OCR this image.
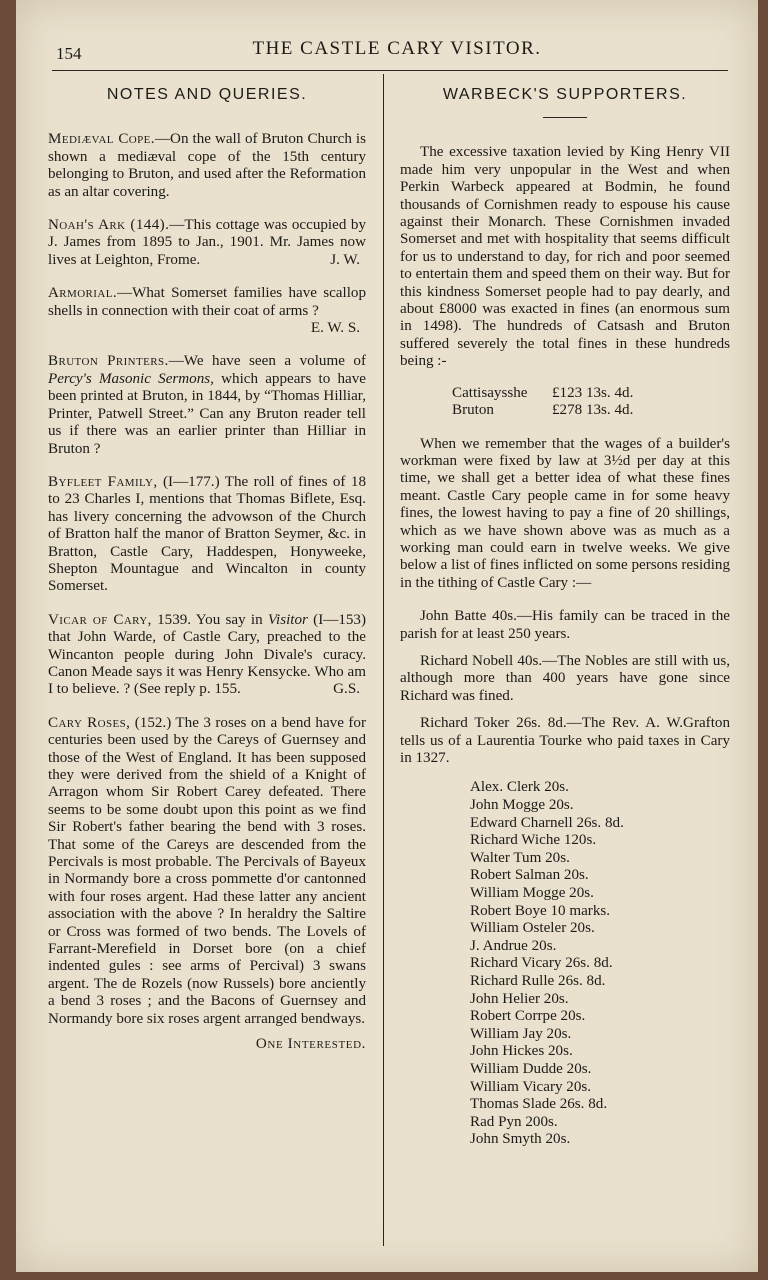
154	THE CASTLE CARY VISITOR.
NOTES AND QUERIES.

Mediæval Cope.—On the wall of Bruton Church is shown a mediæval cope of the 15th century belonging to Bruton, and used after the Reformation as an altar covering.

Noah's Ark (144).—This cottage was occupied by J. James from 1895 to Jan., 1901. Mr. James now lives at Leighton, Frome.	J. W.

Armorial.—What Somerset families have scallop shells in connection with their coat of arms ?
E. W. S.

Bruton Printers.—We have seen a volume of Percy's Masonic Sermons, which appears to have been printed at Bruton, in 1844, by “Thomas Hilliar, Printer, Patwell Street.” Can any Bruton reader tell us if there was an earlier printer than Hilliar in Bruton ?

Byfleet Family, (I—177.) The roll of fines of 18 to 23 Charles I, mentions that Thomas Biflete, Esq. has livery concerning the advowson of the Church of Bratton half the manor of Bratton Seymer, &c. in Bratton, Castle Cary, Haddespen, Honyweeke, Shepton Mountague and Wincalton in county Somerset.

Vicar of Cary, 1539. You say in Visitor (I—153) that John Warde, of Castle Cary, preached to the Wincanton people during John Divale's curacy. Canon Meade says it was Henry Kensycke. Who am I to believe. ? (See reply p. 155.	G.S.

Cary Roses, (152.) The 3 roses on a bend have for centuries been used by the Careys of Guernsey and those of the West of England. It has been supposed they were derived from the shield of a Knight of Arragon whom Sir Robert Carey defeated. There seems to be some doubt upon this point as we find Sir Robert's father bearing the bend with 3 roses. That some of the Careys are descended from the Percivals is most probable. The Percivals of Bayeux in Normandy bore a cross pommette d'or cantonned with four roses argent. Had these latter any ancient association with the above ? In heraldry the Saltire or Cross was formed of two bends. The Lovels of Farrant-Merefield in Dorset bore (on a chief indented gules : see arms of Percival) 3 swans argent. The de Rozels (now Russels) bore anciently a bend 3 roses ; and the Bacons of Guernsey and Normandy bore six roses argent arranged bendways.

One Interested.
WARBECK'S SUPPORTERS.

The excessive taxation levied by King Henry VII made him very unpopular in the West and when Perkin Warbeck appeared at Bodmin, he found thousands of Cornishmen ready to espouse his cause against their Monarch. These Cornishmen invaded Somerset and met with hospitality that seems difficult for us to understand to day, for rich and poor seemed to entertain them and speed them on their way. But for this kindness Somerset people had to pay dearly, and about £8000 was exacted in fines (an enormous sum in 1498). The hundreds of Catsash and Bruton suffered severely the total fines in these hundreds being :-

Cattisaysshe	£123 13s. 4d.
Bruton	£278 13s. 4d.

When we remember that the wages of a builder's workman were fixed by law at 3½d per day at this time, we shall get a better idea of what these fines meant. Castle Cary people came in for some heavy fines, the lowest having to pay a fine of 20 shillings, which as we have shown above was as much as a working man could earn in twelve weeks. We give below a list of fines inflicted on some persons residing in the tithing of Castle Cary :—

John Batte 40s.—His family can be traced in the parish for at least 250 years.

Richard Nobell 40s.—The Nobles are still with us, although more than 400 years have gone since Richard was fined.

Richard Toker 26s. 8d.—The Rev. A. W.Grafton tells us of a Laurentia Tourke who paid taxes in Cary in 1327.

Alex. Clerk 20s.
John Mogge 20s.
Edward Charnell 26s. 8d.
Richard Wiche 120s.
Walter Tum 20s.
Robert Salman 20s.
William Mogge 20s.
Robert Boye 10 marks.
William Osteler 20s.
J. Andrue 20s.
Richard Vicary 26s. 8d.
Richard Rulle 26s. 8d.
John Helier 20s.
Robert Corrpe 20s.
William Jay 20s.
John Hickes 20s.
William Dudde 20s.
William Vicary 20s.
Thomas Slade 26s. 8d.
Rad Pyn 200s.
John Smyth 20s.
